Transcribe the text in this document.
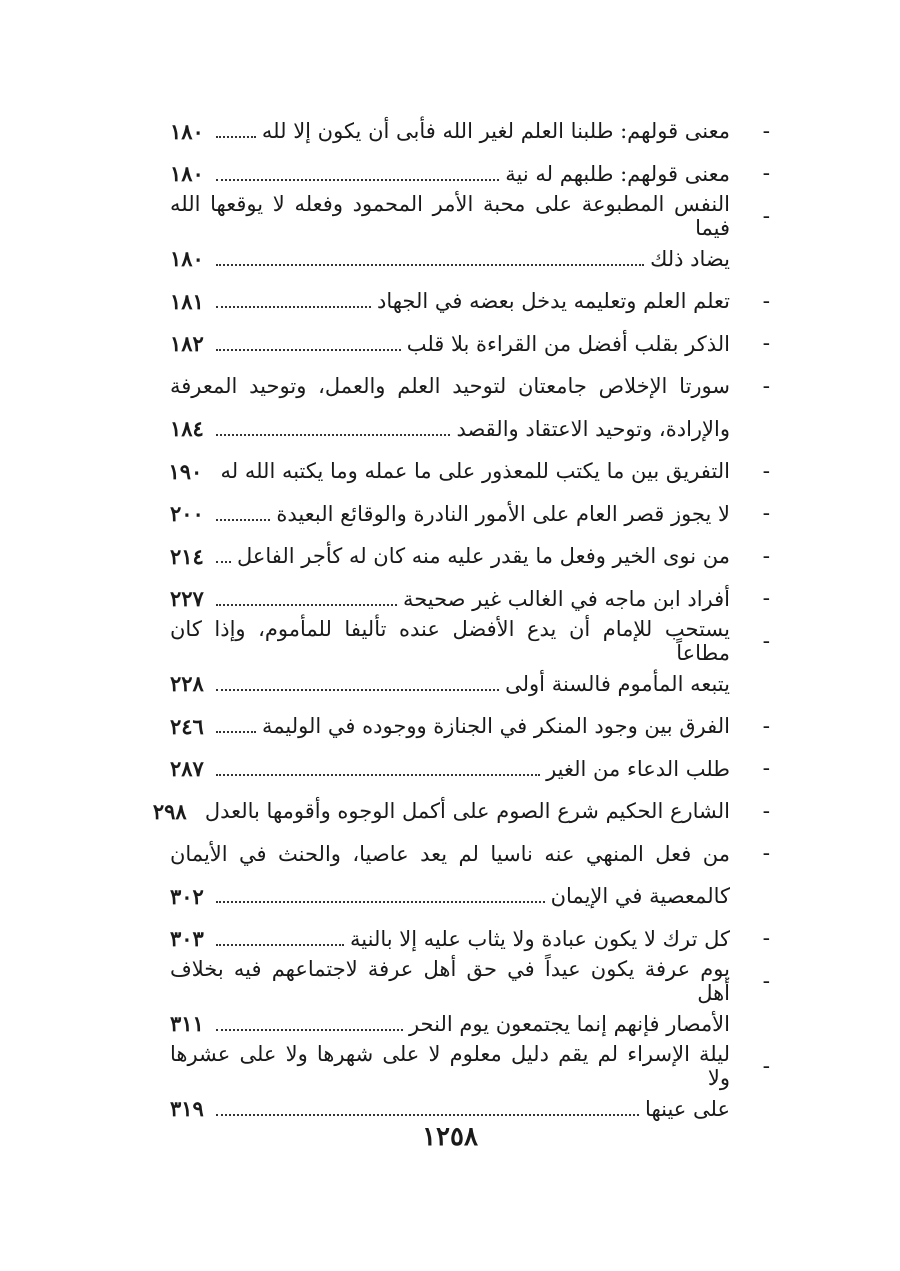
-
معنى قولهم: طلبنا العلم لغير الله فأبى أن يكون إلا لله
١٨٠
-
معنى قولهم: طلبهم له نية
١٨٠
-
النفس المطبوعة على محبة الأمر المحمود وفعله لا يوقعها الله فيما
يضاد ذلك
١٨٠
-
تعلم العلم وتعليمه يدخل بعضه في الجهاد
١٨١
-
الذكر بقلب أفضل من القراءة بلا قلب
١٨٢
-
سورتا الإخلاص جامعتان لتوحيد العلم والعمل، وتوحيد المعرفة
والإرادة، وتوحيد الاعتقاد والقصد
١٨٤
-
التفريق بين ما يكتب للمعذور على ما عمله وما يكتبه الله له
١٩٠
-
لا يجوز قصر العام على الأمور النادرة والوقائع البعيدة
٢٠٠
-
من نوى الخير وفعل ما يقدر عليه منه كان له كأجر الفاعل
٢١٤
-
أفراد ابن ماجه في الغالب غير صحيحة
٢٢٧
-
يستحب للإمام أن يدع الأفضل عنده تأليفا للمأموم، وإذا كان مطاعاً
يتبعه المأموم فالسنة أولى
٢٢٨
-
الفرق بين وجود المنكر في الجنازة ووجوده في الوليمة
٢٤٦
-
طلب الدعاء من الغير
٢٨٧
-
الشارع الحكيم شرع الصوم على أكمل الوجوه وأقومها بالعدل
٢٩٨
-
من فعل المنهي عنه ناسيا لم يعد عاصيا، والحنث في الأيمان
كالمعصية في الإيمان
٣٠٢
-
كل ترك لا يكون عبادة ولا يثاب عليه إلا بالنية
٣٠٣
-
يوم عرفة يكون عيداً في حق أهل عرفة لاجتماعهم فيه بخلاف أهل
الأمصار فإنهم إنما يجتمعون يوم النحر
٣١١
-
ليلة الإسراء لم يقم دليل معلوم لا على شهرها ولا على عشرها ولا
على عينها
٣١٩
١٢٥٨
